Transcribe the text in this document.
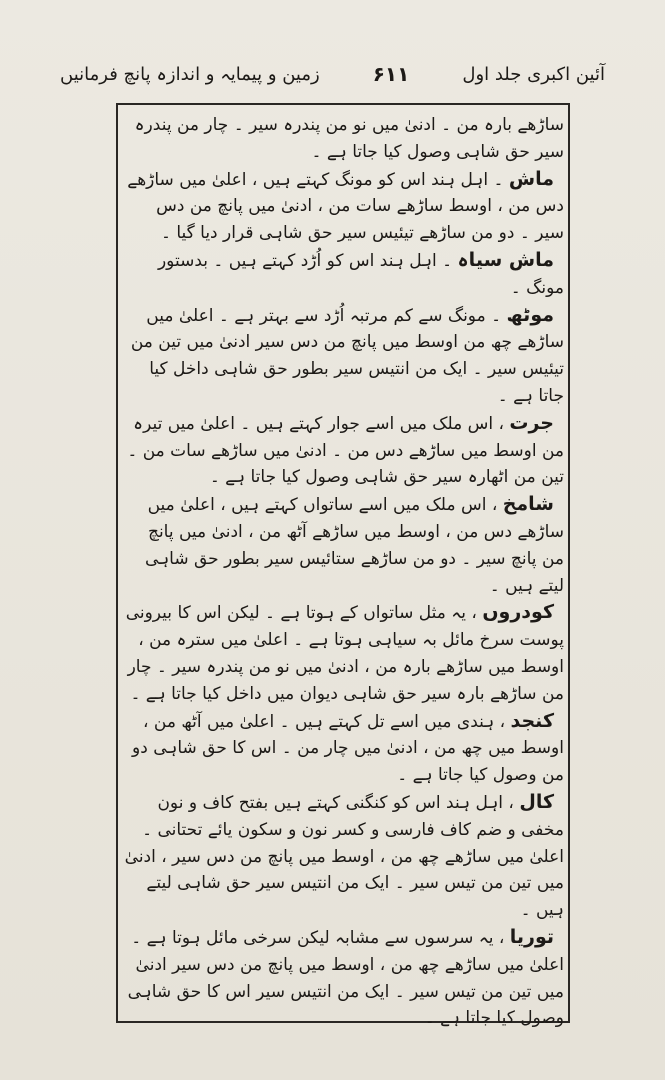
آئین اکبری جلد اول
۶۱۱
زمین و پیمایہ و اندازہ پانچ فرمانیں

ساڑھے بارہ من ۔ ادنیٰ میں نو من پندرہ سیر ۔ چار من پندرہ سیر حق شاہی وصول کیا جاتا ہے ۔

ماش ۔ اہل ہند اس کو مونگ کہتے ہیں ، اعلیٰ میں ساڑھے دس من ، اوسط ساڑھے سات من ، ادنیٰ میں پانچ من دس سیر ۔ دو من ساڑھے تیئیس سیر حق شاہی قرار دیا گیا ۔

ماش سیاہ ۔ اہل ہند اس کو اُڑد کہتے ہیں ۔ بدستور مونگ ۔

موٹھ ۔ مونگ سے کم مرتبہ اُڑد سے بہتر ہے ۔ اعلیٰ میں ساڑھے چھ من اوسط میں پانچ من دس سیر ادنیٰ میں تین من تیئیس سیر ۔ ایک من انتیس سیر بطور حق شاہی داخل کیا جاتا ہے ۔

جرت ، اس ملک میں اسے جوار کہتے ہیں ۔ اعلیٰ میں تیرہ من اوسط میں ساڑھے دس من ۔ ادنیٰ میں ساڑھے سات من ۔ تین من اٹھارہ سیر حق شاہی وصول کیا جاتا ہے ۔

شامخ ، اس ملک میں اسے ساتواں کہتے ہیں ، اعلیٰ میں ساڑھے دس من ، اوسط میں ساڑھے آٹھ من ، ادنیٰ میں پانچ من پانچ سیر ۔ دو من ساڑھے ستائیس سیر بطور حق شاہی لیتے ہیں ۔

کودروں ، یہ مثل ساتواں کے ہوتا ہے ۔ لیکن اس کا بیرونی پوست سرخ مائل بہ سیاہی ہوتا ہے ۔ اعلیٰ میں سترہ من ، اوسط میں ساڑھے بارہ من ، ادنیٰ میں نو من پندرہ سیر ۔ چار من ساڑھے بارہ سیر حق شاہی دیوان میں داخل کیا جاتا ہے ۔

کنجد ، ہندی میں اسے تل کہتے ہیں ۔ اعلیٰ میں آٹھ من ، اوسط میں چھ من ، ادنیٰ میں چار من ۔ اس کا حق شاہی دو من وصول کیا جاتا ہے ۔

کال ، اہل ہند اس کو کنگنی کہتے ہیں بفتح کاف و نون مخفی و ضم کاف فارسی و کسر نون و سکون یائے تحتانی ۔ اعلیٰ میں ساڑھے چھ من ، اوسط میں پانچ من دس سیر ، ادنیٰ میں تین من تیس سیر ۔ ایک من انتیس سیر حق شاہی لیتے ہیں ۔

توریا ، یہ سرسوں سے مشابہ لیکن سرخی مائل ہوتا ہے ۔ اعلیٰ میں ساڑھے چھ من ، اوسط میں پانچ من دس سیر ادنیٰ میں تین من تیس سیر ۔ ایک من انتیس سیر اس کا حق شاہی وصول کیا جاتا ہے ۔
